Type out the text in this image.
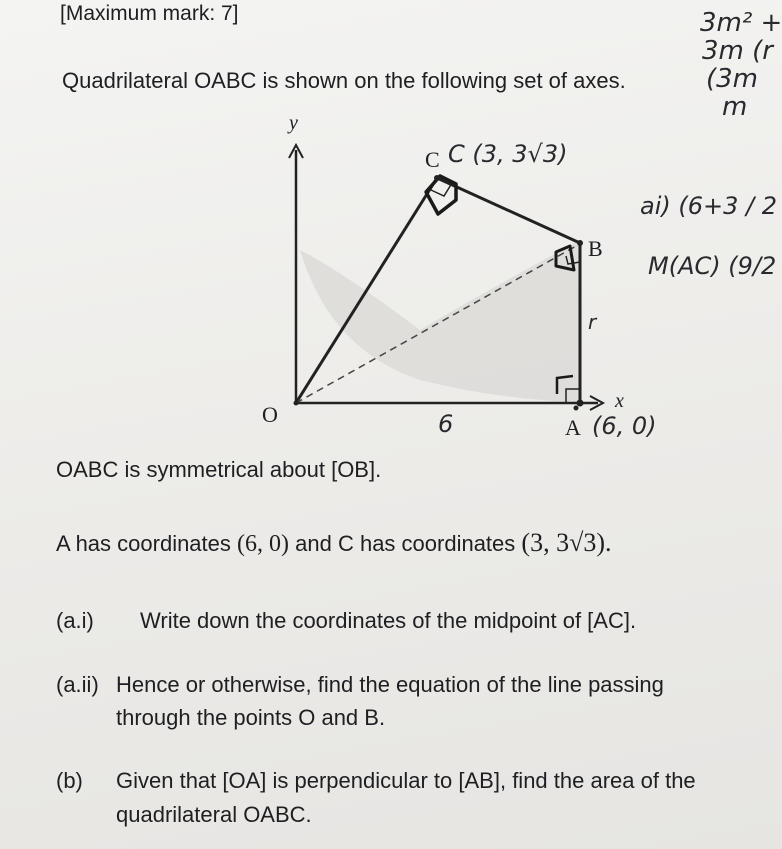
[Maximum mark: 7]
Quadrilateral OABC is shown on the following set of axes.
y
x
O
A
B
C C (3, 3√3)
(6, 0)
6
r
3m² +
3m (r
(3m
m
ai) (6+3 / 2
M(AC) (9/2
OABC is symmetrical about [OB].
A has coordinates (6, 0) and C has coordinates (3, 3√3).
(a.i) Write down the coordinates of the midpoint of [AC].
(a.ii) Hence or otherwise, find the equation of the line passing
through the points O and B.
(b) Given that [OA] is perpendicular to [AB], find the area of the
quadrilateral OABC.
